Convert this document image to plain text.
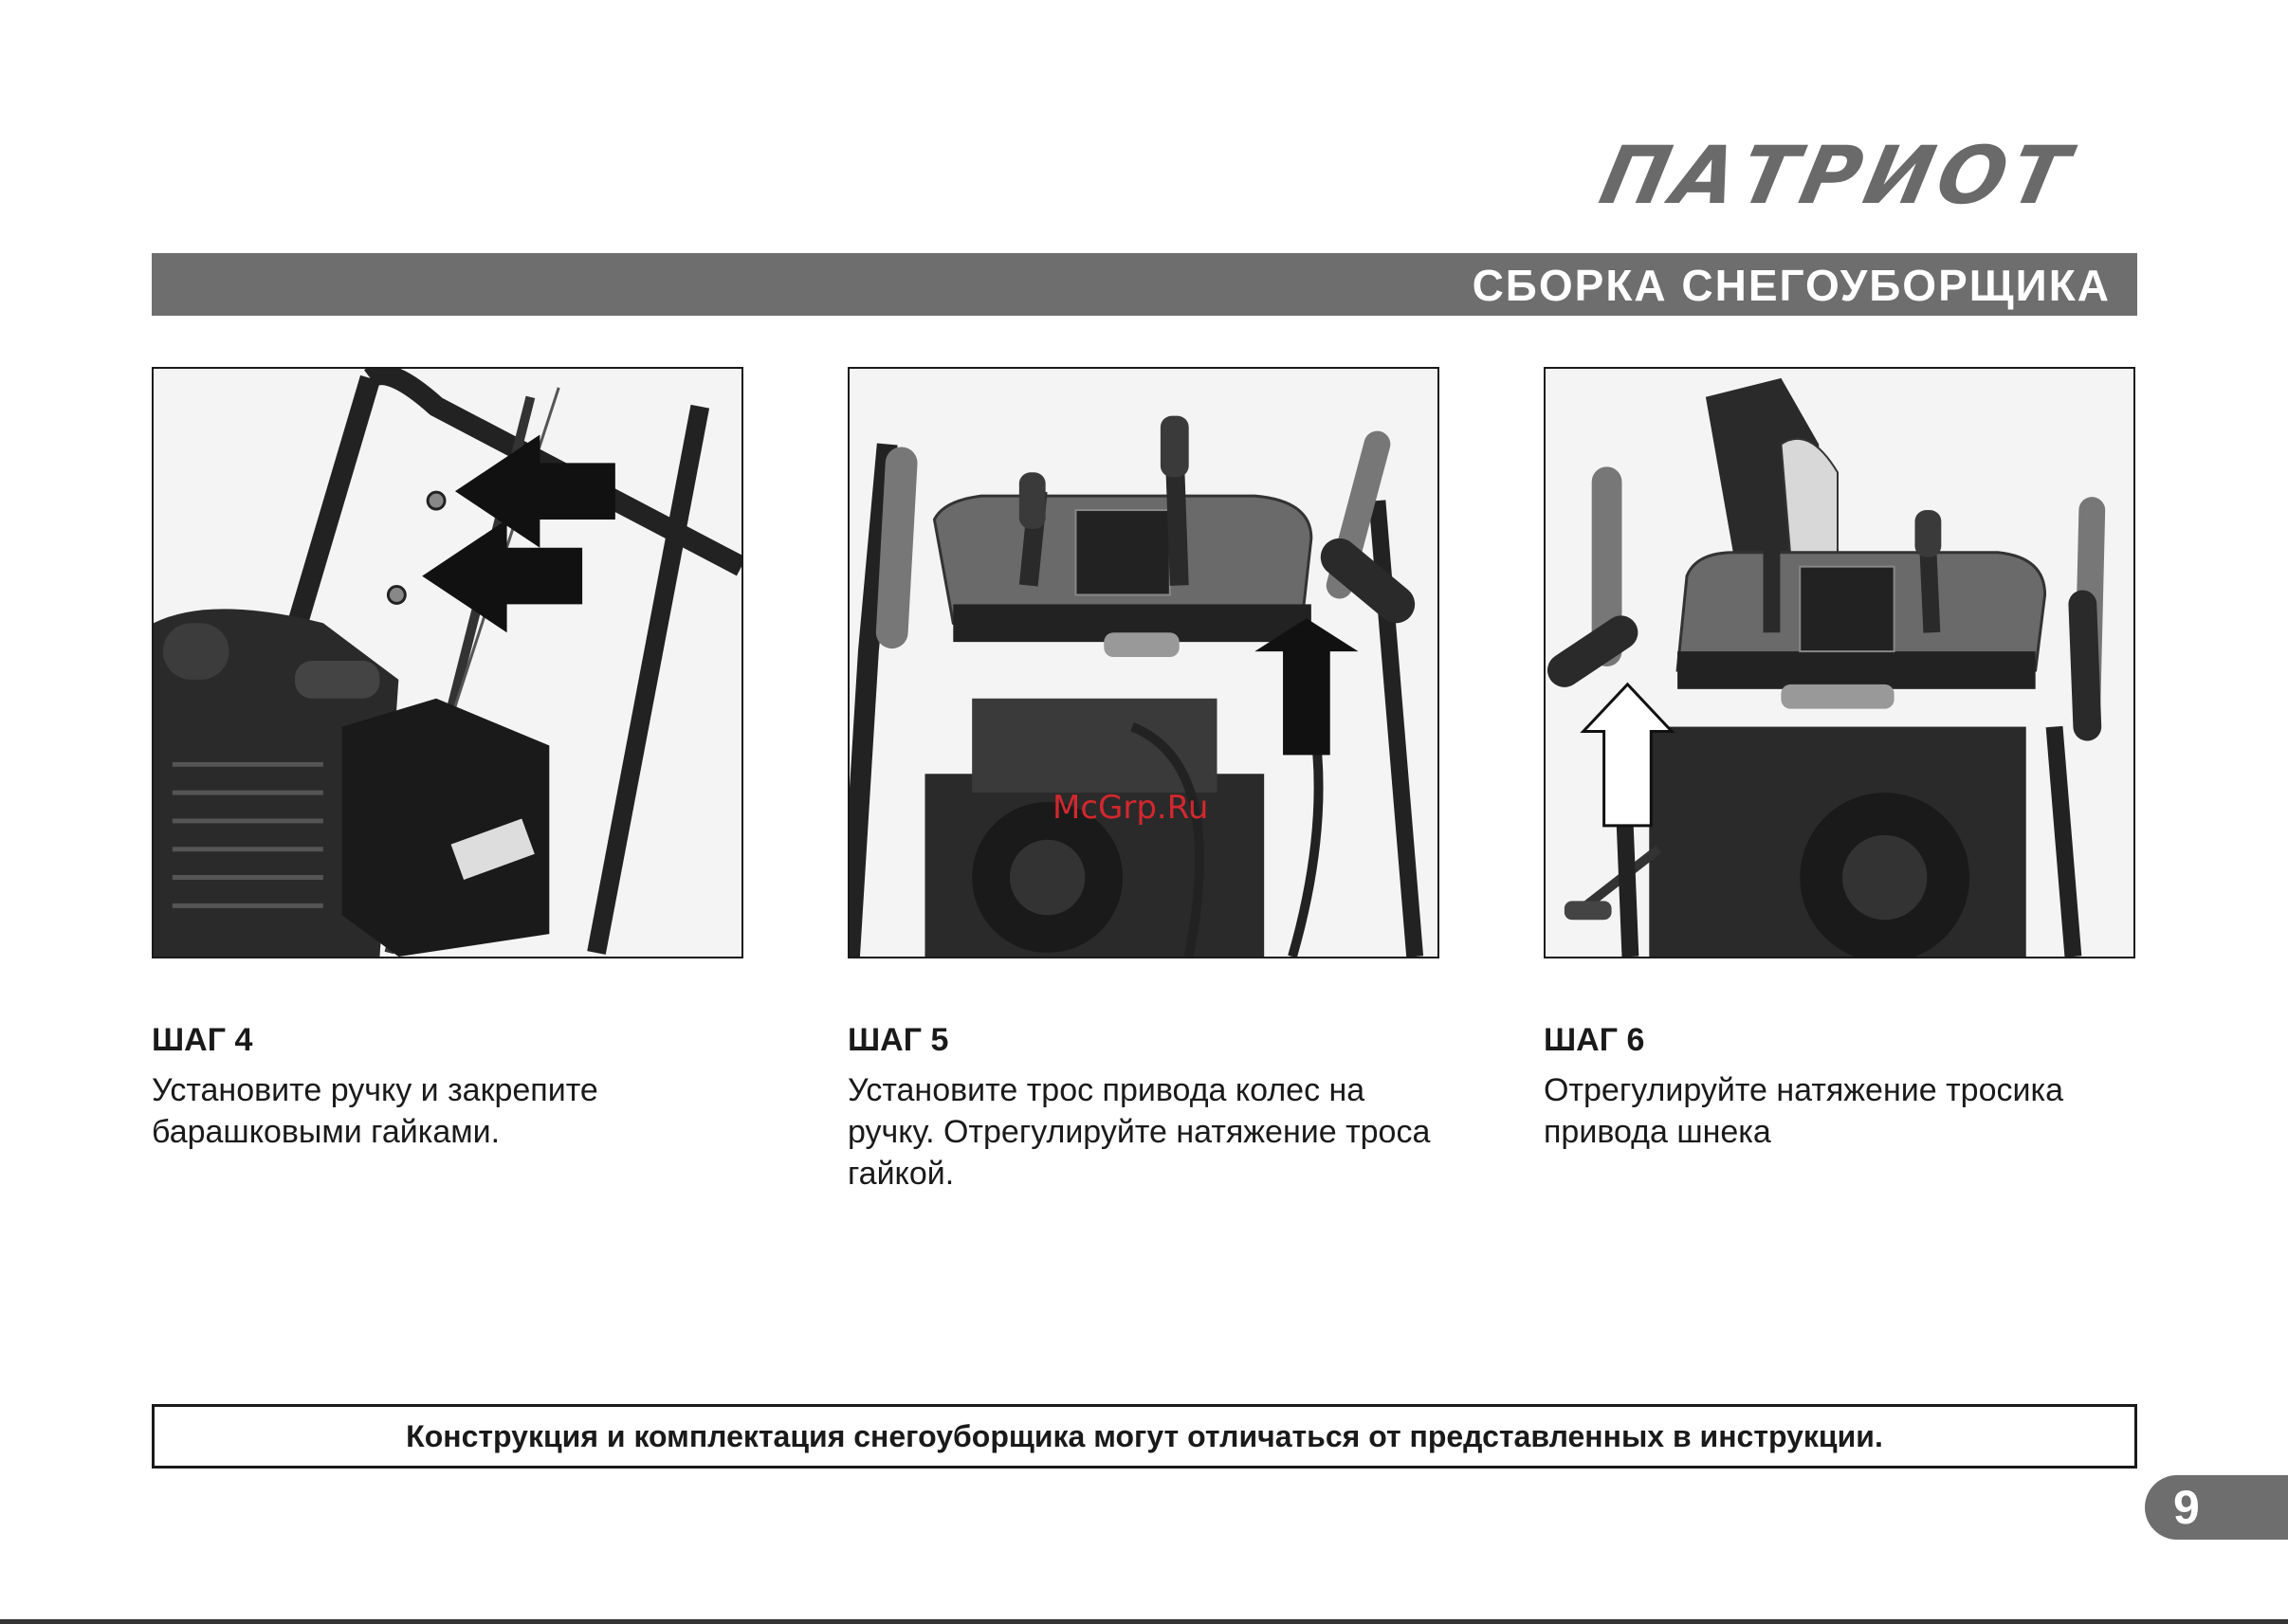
ПАТРИОТ
СБОРКА СНЕГОУБОРЩИКА
McGrp.Ru
ШАГ 4
Установите ручку и закрепите барашковыми гайками.
ШАГ 5
Установите трос привода колес на ручку. Отрегулируйте натяжение троса гайкой.
ШАГ 6
Отрегулируйте натяжение тросика привода шнека
Конструкция и комплектация снегоуборщика могут отличаться от представленных в инструкции.
9
